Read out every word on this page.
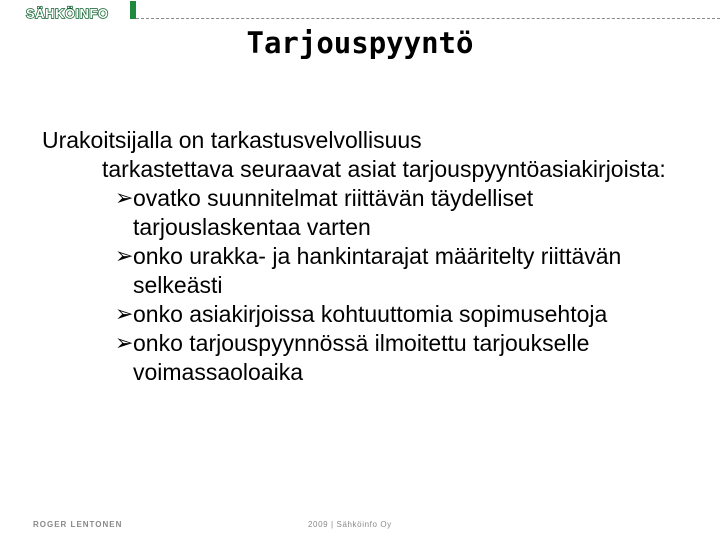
SÄHKÖINFO
Tarjouspyyntö

Urakoitsijalla on tarkastusvelvollisuus

tarkastettava seuraavat asiat tarjouspyyntöasiakirjoista:

➢ ovatko suunnitelmat riittävän täydelliset tarjouslaskentaa varten
➢ onko urakka- ja hankintarajat määritelty riittävän selkeästi
➢ onko asiakirjoissa kohtuuttomia sopimusehtoja
➢ onko tarjouspyynnössä ilmoitettu tarjoukselle voimassaoloaika
ROGER LENTONEN	2009 | Sähköinfo Oy
